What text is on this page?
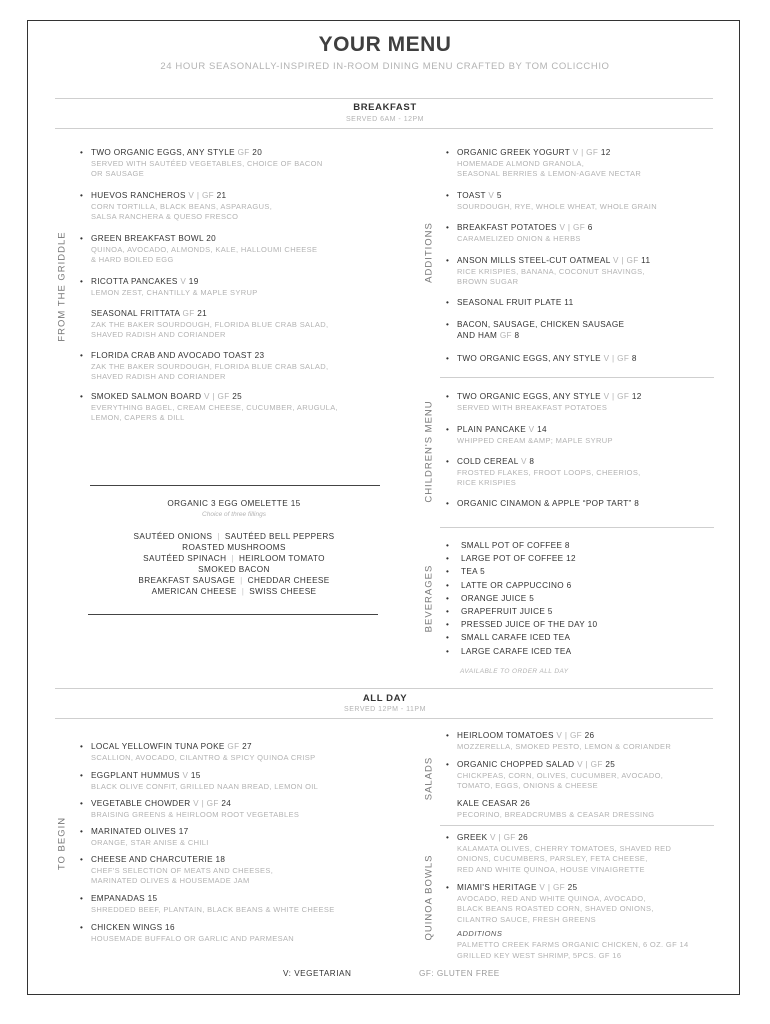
YOUR MENU
24 HOUR SEASONALLY-INSPIRED IN-ROOM DINING MENU CRAFTED BY TOM COLICCHIO
BREAKFAST
SERVED 6AM - 12PM
FROM THE GRIDDLE
• TWO ORGANIC EGGS, ANY STYLE GF 20
SERVED WITH SAUTÉED VEGETABLES, CHOICE OF BACON
OR SAUSAGE
• HUEVOS RANCHEROS V | GF 21
CORN TORTILLA, BLACK BEANS, ASPARAGUS,
SALSA RANCHERA & QUESO FRESCO
• GREEN BREAKFAST BOWL 20
QUINOA, AVOCADO, ALMONDS, KALE, HALLOUMI CHEESE
& HARD BOILED EGG
• RICOTTA PANCAKES V 19
LEMON ZEST, CHANTILLY & MAPLE SYRUP
SEASONAL FRITTATA GF 21
ZAK THE BAKER SOURDOUGH, FLORIDA BLUE CRAB SALAD,
SHAVED RADISH AND CORIANDER
• FLORIDA CRAB AND AVOCADO TOAST 23
ZAK THE BAKER SOURDOUGH, FLORIDA BLUE CRAB SALAD,
SHAVED RADISH AND CORIANDER
• SMOKED SALMON BOARD V | GF 25
EVERYTHING BAGEL, CREAM CHEESE, CUCUMBER, ARUGULA,
LEMON, CAPERS & DILL
ORGANIC 3 EGG OMELETTE 15
Choice of three fillings
SAUTÉED ONIONS | SAUTÉED BELL PEPPERS
ROASTED MUSHROOMS
SAUTÉED SPINACH | HEIRLOOM TOMATO
SMOKED BACON
BREAKFAST SAUSAGE | CHEDDAR CHEESE
AMERICAN CHEESE | SWISS CHEESE
ADDITIONS
• ORGANIC GREEK YOGURT V | GF 12
HOMEMADE ALMOND GRANOLA,
SEASONAL BERRIES & LEMON-AGAVE NECTAR
• TOAST V 5
SOURDOUGH, RYE, WHOLE WHEAT, WHOLE GRAIN
• BREAKFAST POTATOES V | GF 6
CARAMELIZED ONION & HERBS
• ANSON MILLS STEEL-CUT OATMEAL V | GF 11
RICE KRISPIES, BANANA, COCONUT SHAVINGS,
BROWN SUGAR
• SEASONAL FRUIT PLATE 11
• BACON, SAUSAGE, CHICKEN SAUSAGE
AND HAM GF 8
• TWO ORGANIC EGGS, ANY STYLE V | GF 8
CHILDREN'S MENU
• TWO ORGANIC EGGS, ANY STYLE V | GF 12
SERVED WITH BREAKFAST POTATOES
• PLAIN PANCAKE V 14
WHIPPED CREAM &AMP; MAPLE SYRUP
• COLD CEREAL V 8
FROSTED FLAKES, FROOT LOOPS, CHEERIOS,
RICE KRISPIES
• ORGANIC CINAMON & APPLE “POP TART” 8
BEVERAGES
• SMALL POT OF COFFEE 8
• LARGE POT OF COFFEE 12
• TEA 5
• LATTE OR CAPPUCCINO 6
• ORANGE JUICE 5
• GRAPEFRUIT JUICE 5
• PRESSED JUICE OF THE DAY 10
• SMALL CARAFE ICED TEA
• LARGE CARAFE ICED TEA
AVAILABLE TO ORDER ALL DAY
ALL DAY
SERVED 12PM - 11PM
TO BEGIN
• LOCAL YELLOWFIN TUNA POKE GF 27
SCALLION, AVOCADO, CILANTRO & SPICY QUINOA CRISP
• EGGPLANT HUMMUS V 15
BLACK OLIVE CONFIT, GRILLED NAAN BREAD, LEMON OIL
• VEGETABLE CHOWDER V | GF 24
BRAISING GREENS & HEIRLOOM ROOT VEGETABLES
• MARINATED OLIVES 17
ORANGE, STAR ANISE & CHILI
• CHEESE AND CHARCUTERIE 18
CHEF'S SELECTION OF MEATS AND CHEESES,
MARINATED OLIVES & HOUSEMADE JAM
• EMPANADAS 15
SHREDDED BEEF, PLANTAIN, BLACK BEANS & WHITE CHEESE
• CHICKEN WINGS 16
HOUSEMADE BUFFALO OR GARLIC AND PARMESAN
SALADS
• HEIRLOOM TOMATOES V | GF 26
MOZZERELLA, SMOKED PESTO, LEMON & CORIANDER
• ORGANIC CHOPPED SALAD V | GF 25
CHICKPEAS, CORN, OLIVES, CUCUMBER, AVOCADO,
TOMATO, EGGS, ONIONS & CHEESE
KALE CEASAR 26
PECORINO, BREADCRUMBS & CEASAR DRESSING
QUINOA BOWLS
• GREEK V | GF 26
KALAMATA OLIVES, CHERRY TOMATOES, SHAVED RED
ONIONS, CUCUMBERS, PARSLEY, FETA CHEESE,
RED AND WHITE QUINOA, HOUSE VINAIGRETTE
• MIAMI'S HERITAGE V | GF 25
AVOCADO, RED AND WHITE QUINOA, AVOCADO,
BLACK BEANS ROASTED CORN, SHAVED ONIONS,
CILANTRO SAUCE, FRESH GREENS
ADDITIONS
PALMETTO CREEK FARMS ORGANIC CHICKEN, 6 OZ. GF 14
GRILLED KEY WEST SHRIMP, 5PCS. GF 16
V: VEGETARIAN	GF: GLUTEN FREE
